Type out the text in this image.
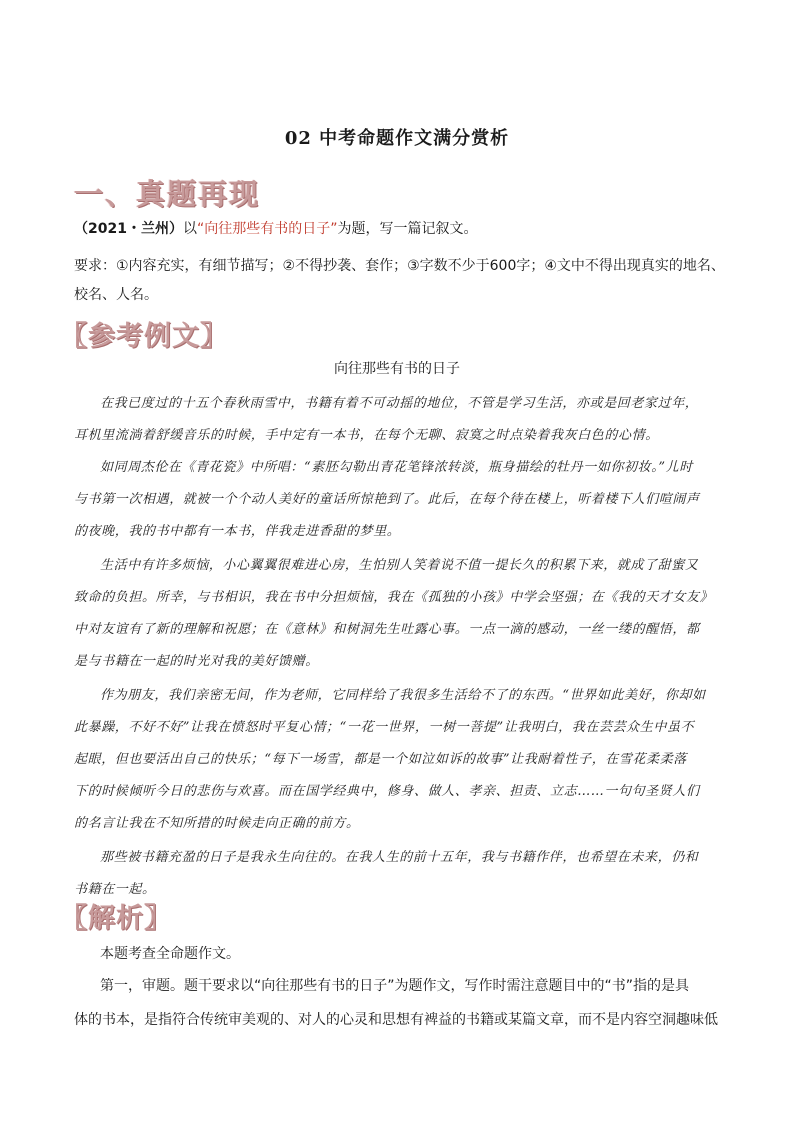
02 中考命题作文满分赏析
一、真题再现
（2021・兰州）以“向往那些有书的日子”为题，写一篇记叙文。
要求：①内容充实，有细节描写；②不得抄袭、套作；③字数不少于600字；④文中不得出现真实的地名、
校名、人名。
〖参考例文〗
向往那些有书的日子
在我已度过的十五个春秋雨雪中，书籍有着不可动摇的地位，不管是学习生活，亦或是回老家过年，
耳机里流淌着舒缓音乐的时候，手中定有一本书，在每个无聊、寂寞之时点染着我灰白色的心情。
如同周杰伦在《青花瓷》中所唱：“素胚勾勒出青花笔锋浓转淡，瓶身描绘的牡丹一如你初妆。”儿时
与书第一次相遇，就被一个个动人美好的童话所惊艳到了。此后，在每个待在楼上，听着楼下人们喧闹声
的夜晚，我的书中都有一本书，伴我走进香甜的梦里。
生活中有许多烦恼，小心翼翼很难进心房，生怕别人笑着说不值一提长久的积累下来，就成了甜蜜又
致命的负担。所幸，与书相识，我在书中分担烦恼，我在《孤独的小孩》中学会坚强；在《我的天才女友》
中对友谊有了新的理解和祝愿；在《意林》和树洞先生吐露心事。一点一滴的感动，一丝一缕的醒悟，都
是与书籍在一起的时光对我的美好馈赠。
作为朋友，我们亲密无间，作为老师，它同样给了我很多生活给不了的东西。“世界如此美好，你却如
此暴躁，不好不好”让我在愤怒时平复心情；“一花一世界，一树一菩提”让我明白，我在芸芸众生中虽不
起眼，但也要活出自己的快乐；“每下一场雪，都是一个如泣如诉的故事”让我耐着性子，在雪花柔柔落
下的时候倾听今日的悲伤与欢喜。而在国学经典中，修身、做人、孝亲、担责、立志……一句句圣贤人们
的名言让我在不知所措的时候走向正确的前方。
那些被书籍充盈的日子是我永生向往的。在我人生的前十五年，我与书籍作伴，也希望在未来，仍和
书籍在一起。
〖解析〗
本题考查全命题作文。
第一，审题。题干要求以“向往那些有书的日子”为题作文，写作时需注意题目中的“书”指的是具
体的书本，是指符合传统审美观的、对人的心灵和思想有裨益的书籍或某篇文章，而不是内容空洞趣味低
